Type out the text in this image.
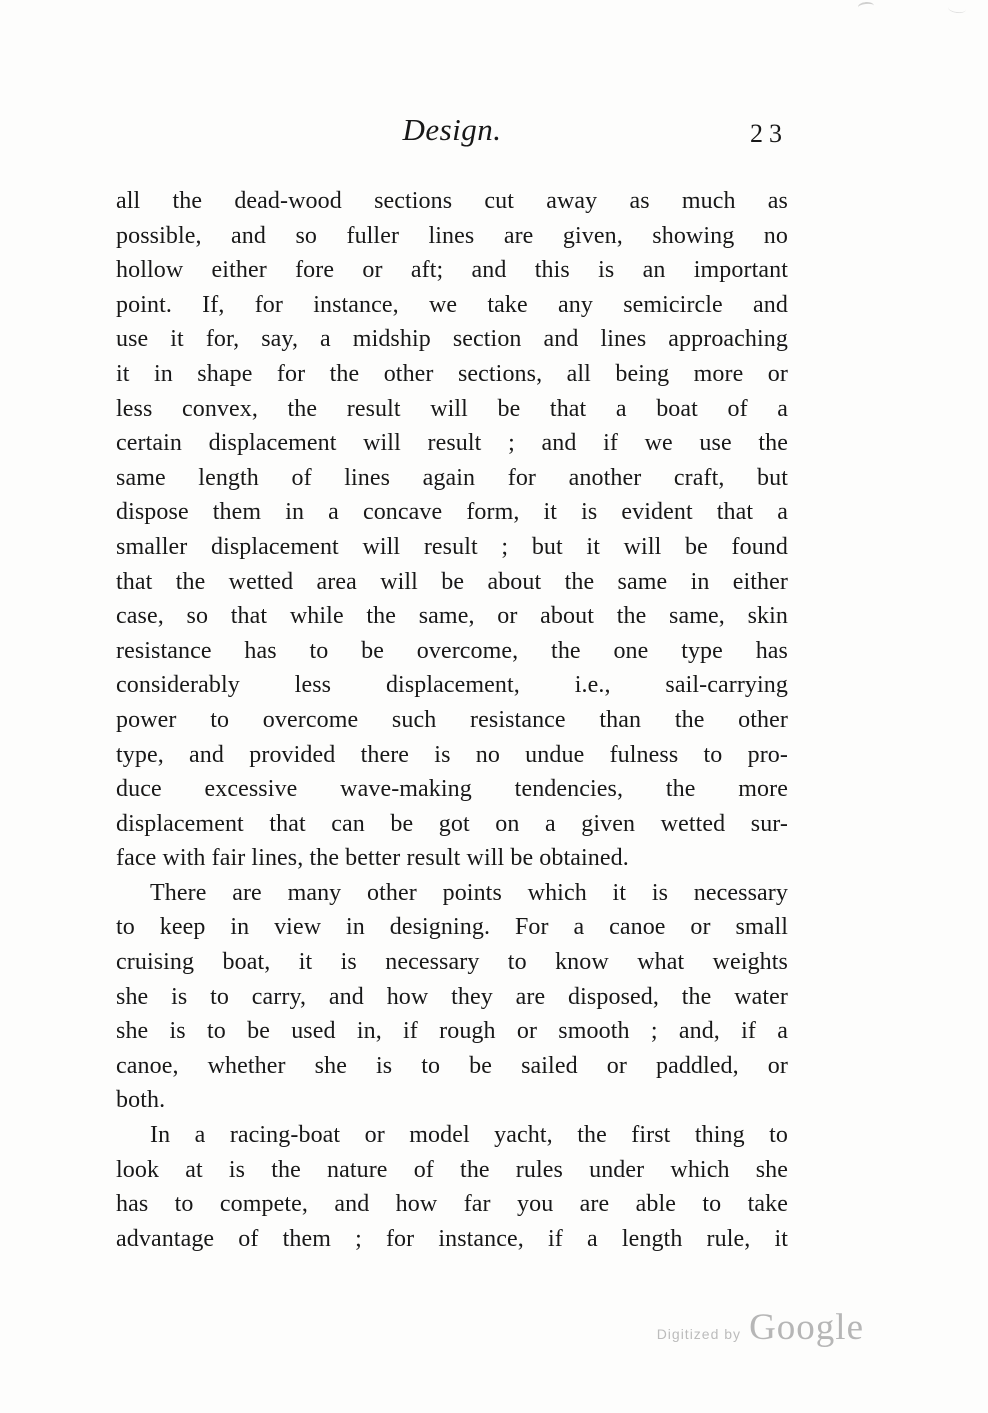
Design.	23
all the dead-wood sections cut away as much as
possible, and so fuller lines are given, showing no
hollow either fore or aft; and this is an important
point. If, for instance, we take any semicircle and
use it for, say, a midship section and lines approaching
it in shape for the other sections, all being more or
less convex, the result will be that a boat of a
certain displacement will result ; and if we use the
same length of lines again for another craft, but
dispose them in a concave form, it is evident that a
smaller displacement will result ; but it will be found
that the wetted area will be about the same in either
case, so that while the same, or about the same, skin
resistance has to be overcome, the one type has
considerably less displacement, i.e., sail-carrying
power to overcome such resistance than the other
type, and provided there is no undue fulness to pro-
duce excessive wave-making tendencies, the more
displacement that can be got on a given wetted sur-
face with fair lines, the better result will be obtained.
There are many other points which it is necessary
to keep in view in designing. For a canoe or small
cruising boat, it is necessary to know what weights
she is to carry, and how they are disposed, the water
she is to be used in, if rough or smooth ; and, if a
canoe, whether she is to be sailed or paddled, or
both.
In a racing-boat or model yacht, the first thing to
look at is the nature of the rules under which she
has to compete, and how far you are able to take
advantage of them ; for instance, if a length rule, it
Digitized by Google
